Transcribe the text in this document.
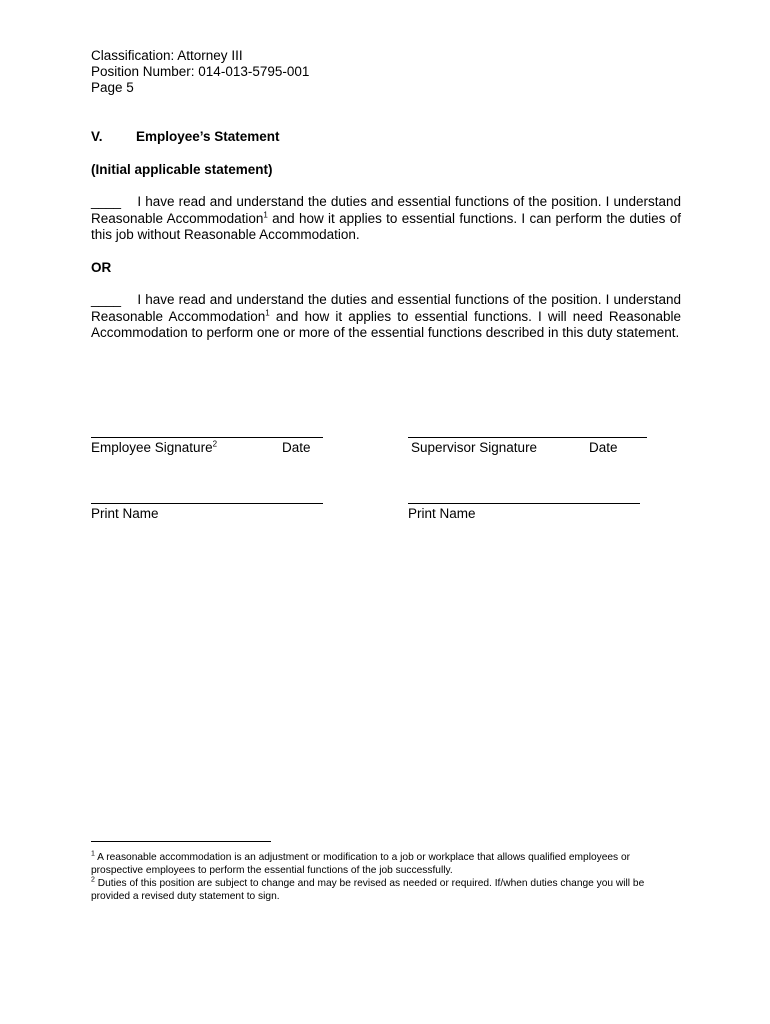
Classification: Attorney III
Position Number: 014-013-5795-001
Page 5
V. Employee’s Statement
(Initial applicable statement)
____ I have read and understand the duties and essential functions of the position. I understand Reasonable Accommodation$^1$ and how it applies to essential functions. I can perform the duties of this job without Reasonable Accommodation.
OR
____ I have read and understand the duties and essential functions of the position. I understand Reasonable Accommodation$^1$ and how it applies to essential functions. I will need Reasonable Accommodation to perform one or more of the essential functions described in this duty statement.
Employee Signature$^2$	Date	Supervisor Signature	Date
Print Name	Print Name
$^1$ A reasonable accommodation is an adjustment or modification to a job or workplace that allows qualified employees or prospective employees to perform the essential functions of the job successfully.
$^2$ Duties of this position are subject to change and may be revised as needed or required. If/when duties change you will be provided a revised duty statement to sign.
